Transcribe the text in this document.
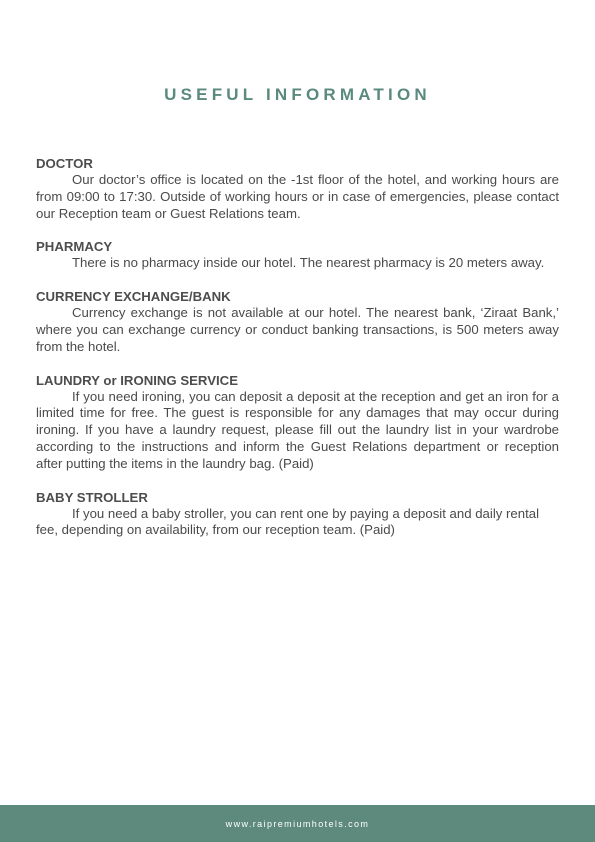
USEFUL INFORMATION

DOCTOR

Our doctor’s office is located on the -1st floor of the hotel, and working hours are from 09:00 to 17:30. Outside of working hours or in case of emergencies, please contact our Reception team or Guest Relations team.

PHARMACY

There is no pharmacy inside our hotel. The nearest pharmacy is 20 meters away.

CURRENCY EXCHANGE/BANK

Currency exchange is not available at our hotel. The nearest bank, ‘Ziraat Bank,’ where you can exchange currency or conduct banking transactions, is 500 meters away from the hotel.

LAUNDRY or IRONING SERVICE

If you need ironing, you can deposit a deposit at the reception and get an iron for a limited time for free. The guest is responsible for any damages that may occur during ironing. If you have a laundry request, please fill out the laundry list in your wardrobe according to the instructions and inform the Guest Relations department or reception after putting the items in the laundry bag. (Paid)

BABY STROLLER

If you need a baby stroller, you can rent one by paying a deposit and daily rental fee, depending on availability, from our reception team. (Paid)

www.raipremiumhotels.com
